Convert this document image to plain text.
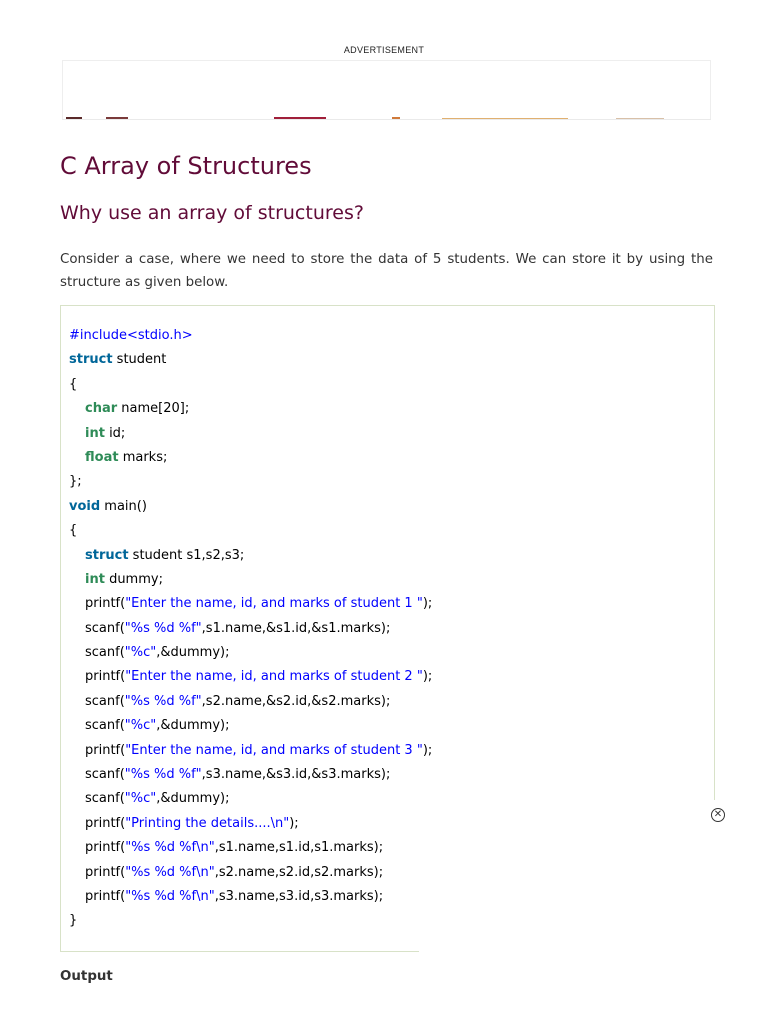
ADVERTISEMENT
C Array of Structures
Why use an array of structures?

Consider a case, where we need to store the data of 5 students. We can store it by using the structure as given below.

#include<stdio.h>
struct student
{
char name[20];
int id;
float marks;
};
void main()
{
struct student s1,s2,s3;
int dummy;
printf("Enter the name, id, and marks of student 1 ");
scanf("%s %d %f",s1.name,&s1.id,&s1.marks);
scanf("%c",&dummy);
printf("Enter the name, id, and marks of student 2 ");
scanf("%s %d %f",s2.name,&s2.id,&s2.marks);
scanf("%c",&dummy);
printf("Enter the name, id, and marks of student 3 ");
scanf("%s %d %f",s3.name,&s3.id,&s3.marks);
scanf("%c",&dummy);
printf("Printing the details....\n");
printf("%s %d %f\n",s1.name,s1.id,s1.marks);
printf("%s %d %f\n",s2.name,s2.id,s2.marks);
printf("%s %d %f\n",s3.name,s3.id,s3.marks);
}
✕
Output
